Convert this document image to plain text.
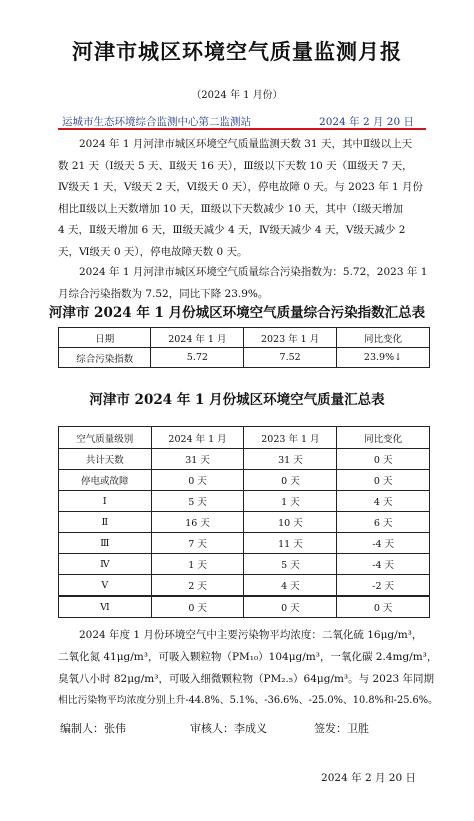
河津市城区环境空气质量监测月报
（2024 年 1 月份）
运城市生态环境综合监测中心第二监测站	2024 年 2 月 20 日
2024 年 1 月河津市城区环境空气质量监测天数 31 天，其中Ⅱ级以上天
数 21 天（Ⅰ级天 5 天、Ⅱ级天 16 天），Ⅲ级以下天数 10 天（Ⅲ级天 7 天，
Ⅳ级天 1 天，Ⅴ级天 2 天，Ⅵ级天 0 天），停电故障 0 天。与 2023 年 1 月份
相比Ⅱ级以上天数增加 10 天，Ⅲ级以下天数减少 10 天，其中（Ⅰ级天增加
4 天，Ⅱ级天增加 6 天，Ⅲ级天减少 4 天，Ⅳ级天减少 4 天，Ⅴ级天减少 2
天，Ⅵ级天 0 天），停电故障天数 0 天。
2024 年 1 月河津市城区环境空气质量综合污染指数为：5.72，2023 年 1
月综合污染指数为 7.52，同比下降 23.9%。
河津市 2024 年 1 月份城区环境空气质量综合污染指数汇总表
日期	2024 年 1 月	2023 年 1 月	同比变化
综合污染指数	5.72	7.52	23.9%↓
河津市 2024 年 1 月份城区环境空气质量汇总表
空气质量级别	2024 年 1 月	2023 年 1 月	同比变化
共计天数	31 天	31 天	0 天
停电或故障	0 天	0 天	0 天
Ⅰ	5 天	1 天	4 天
Ⅱ	16 天	10 天	6 天
Ⅲ	7 天	11 天	-4 天
Ⅳ	1 天	5 天	-4 天
Ⅴ	2 天	4 天	-2 天
Ⅵ	0 天	0 天	0 天
2024 年度 1 月份环境空气中主要污染物平均浓度：二氧化硫 16μg/m³，
二氧化氮 41μg/m³，可吸入颗粒物（PM₁₀）104μg/m³，一氧化碳 2.4mg/m³，
臭氧八小时 82μg/m³，可吸入细微颗粒物（PM₂.₅）64μg/m³。与 2023 年同期
相比污染物平均浓度分别上升-44.8%、5.1%、-36.6%、-25.0%、10.8%和-25.6%。
编制人：张伟	审核人：李成义	签发：卫胜
2024 年 2 月 20 日
